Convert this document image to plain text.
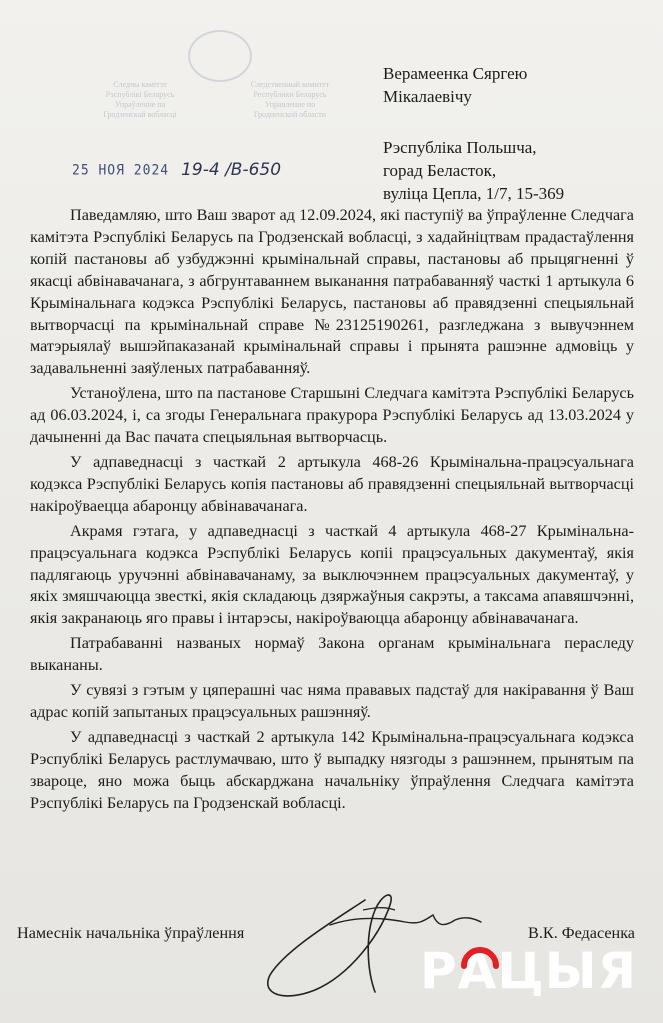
Следчы камітэт
Рэспублікі Беларусь
Упраўленне па
Гродзенскай вобласці
Следственный комитет
Республики Беларусь
Управление по
Гродненской области
Верамеенка Сяргею
Мікалаевічу
Рэспубліка Польшча,
горад Беласток,
вуліца Цепла, 1/7, 15-369
25 НОЯ 2024 19-4 /В-650

Паведамляю, што Ваш зварот ад 12.09.2024, які паступіў ва ўпраўленне Следчага камітэта Рэспублікі Беларусь па Гродзенскай вобласці, з хадайніцтвам прадастаўлення копій пастановы аб узбуджэнні крымінальнай справы, пастановы аб прыцягненні ў якасці абвінавачанага, з абгрунтаваннем выканання патрабаванняў часткі 1 артыкула 6 Крымінальнага кодэкса Рэспублікі Беларусь, пастановы аб правядзенні спецыяльнай вытворчасці па крымінальнай справе №23125190261, разгледжана з вывучэннем матэрыялаў вышэйпаказанай крымінальнай справы і прынята рашэнне адмовіць у задавальненні заяўленых патрабаванняў.

Устаноўлена, што па пастанове Старшыні Следчага камітэта Рэспублікі Беларусь ад 06.03.2024, і, са згоды Генеральнага пракурора Рэспублікі Беларусь ад 13.03.2024 у дачыненні да Вас пачата спецыяльная вытворчасць.

У адпаведнасці з часткай 2 артыкула 468-26 Крымінальна-працэсуальнага кодэкса Рэспублікі Беларусь копія пастановы аб правядзенні спецыяльнай вытворчасці накіроўваецца абаронцу абвінавачанага.

Акрамя гэтага, у адпаведнасці з часткай 4 артыкула 468-27 Крымінальна-працэсуальнага кодэкса Рэспублікі Беларусь копіі працэсуальных дакументаў, якія падлягаюць уручэнні абвінавачанаму, за выключэннем працэсуальных дакументаў, у якіх змяшчаюцца звесткі, якія складаюць дзяржаўныя сакрэты, а таксама апавяшчэнні, якія закранаюць яго правы і інтарэсы, накіроўваюцца абаронцу абвінавачанага.

Патрабаванні названых нормаў Закона органам крымінальнага пераследу выкананы.

У сувязі з гэтым у цяперашні час няма прававых падстаў для накіравання ў Ваш адрас копій запытаных працэсуальных рашэнняў.

У адпаведнасці з часткай 2 артыкула 142 Крымінальна-працэсуальнага кодэкса Рэспублікі Беларусь растлумачваю, што ў выпадку нязгоды з рашэннем, прынятым па звароце, яно можа быць абскарджана начальніку ўпраўлення Следчага камітэта Рэспублікі Беларусь па Гродзенскай вобласці.

Намеснік начальніка ўпраўлення	В.К. Федасенка
РАЦЫЯ
